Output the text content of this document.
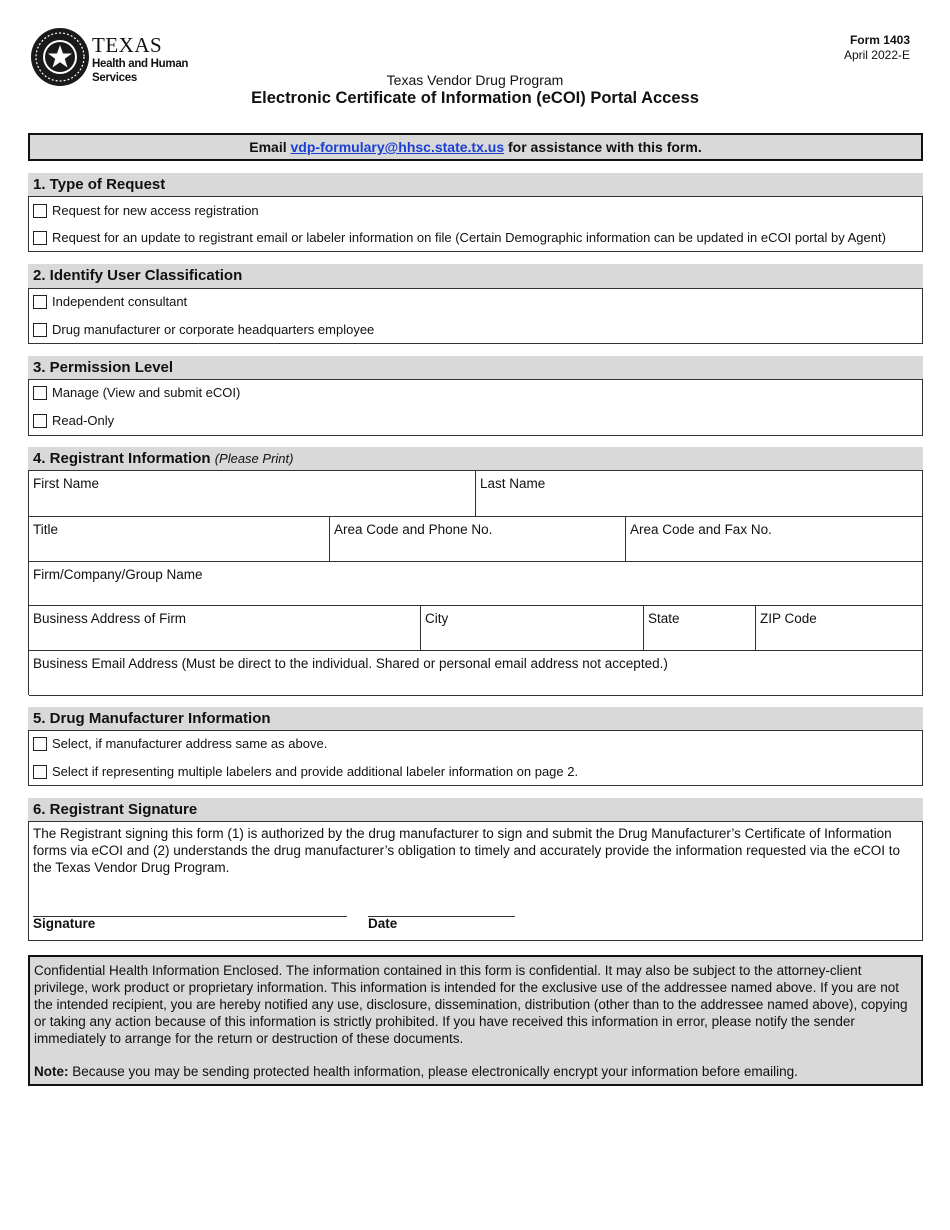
TEXAS
Health and Human
Services
Form 1403
April 2022-E
Texas Vendor Drug Program
Electronic Certificate of Information (eCOI) Portal Access
Email vdp-formulary@hhsc.state.tx.us for assistance with this form.
1. Type of Request
Request for new access registration
Request for an update to registrant email or labeler information on file (Certain Demographic information can be updated in eCOI portal by Agent)
2. Identify User Classification
Independent consultant
Drug manufacturer or corporate headquarters employee
3. Permission Level
Manage (View and submit eCOI)
Read-Only
4. Registrant Information (Please Print)
First Name	Last Name
Title	Area Code and Phone No.	Area Code and Fax No.
Firm/Company/Group Name
Business Address of Firm	City	State	ZIP Code
Business Email Address (Must be direct to the individual. Shared or personal email address not accepted.)
5. Drug Manufacturer Information
Select, if manufacturer address same as above.
Select if representing multiple labelers and provide additional labeler information on page 2.
6. Registrant Signature
The Registrant signing this form (1) is authorized by the drug manufacturer to sign and submit the Drug Manufacturer’s Certificate of Information forms via eCOI and (2) understands the drug manufacturer’s obligation to timely and accurately provide the information requested via the eCOI to the Texas Vendor Drug Program.
Signature	Date

Confidential Health Information Enclosed. The information contained in this form is confidential. It may also be subject to the attorney-client privilege, work product or proprietary information. This information is intended for the exclusive use of the addressee named above. If you are not the intended recipient, you are hereby notified any use, disclosure, dissemination, distribution (other than to the addressee named above), copying or taking any action because of this information is strictly prohibited. If you have received this information in error, please notify the sender immediately to arrange for the return or destruction of these documents.

Note: Because you may be sending protected health information, please electronically encrypt your information before emailing.
